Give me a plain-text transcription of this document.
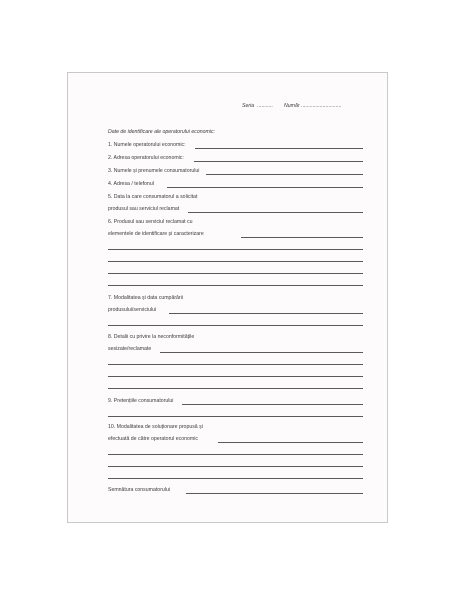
Seria ........... Număr ............................
Date de identificare ale operatorului economic:
1. Numele operatorului economic:
2. Adresa operatorului economic:
3. Numele și prenumele consumatorului
4. Adresa / telefonul
5. Data la care consumatorul a solicitat
produsul sau serviciul reclamat
6. Produsul sau serviciul reclamat cu
elementele de identificare și caracterizare
7. Modalitatea și data cumpărării
produsului/serviciului
8. Detalii cu privire la neconformitățile
sesizate/reclamate
9. Pretențiile consumatorului
10. Modalitatea de soluționare propusă și
efectuată de către operatorul economic
Semnătura consumatorului
